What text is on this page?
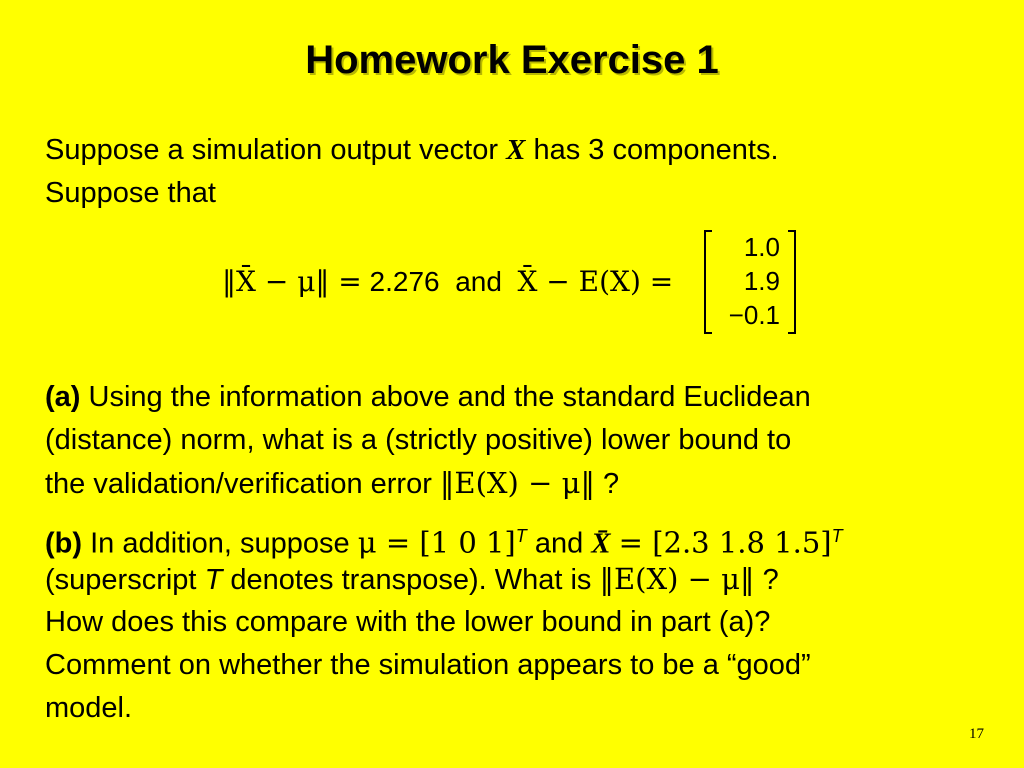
Homework Exercise 1
Suppose a simulation output vector X has 3 components.
Suppose that
‖X̄ − μ‖ = 2.276 and X̄ − E(X) =
1.0
1.9
−0.1
(a) Using the information above and the standard Euclidean
(distance) norm, what is a (strictly positive) lower bound to
the validation/verification error ‖E(X) − μ‖ ?
(b) In addition, suppose μ = [1 0 1]$^T$ and X̄ = [2.3 1.8 1.5]$^T$
(superscript T denotes transpose). What is ‖E(X) − μ‖ ?
How does this compare with the lower bound in part (a)?
Comment on whether the simulation appears to be a “good”
model.
17
